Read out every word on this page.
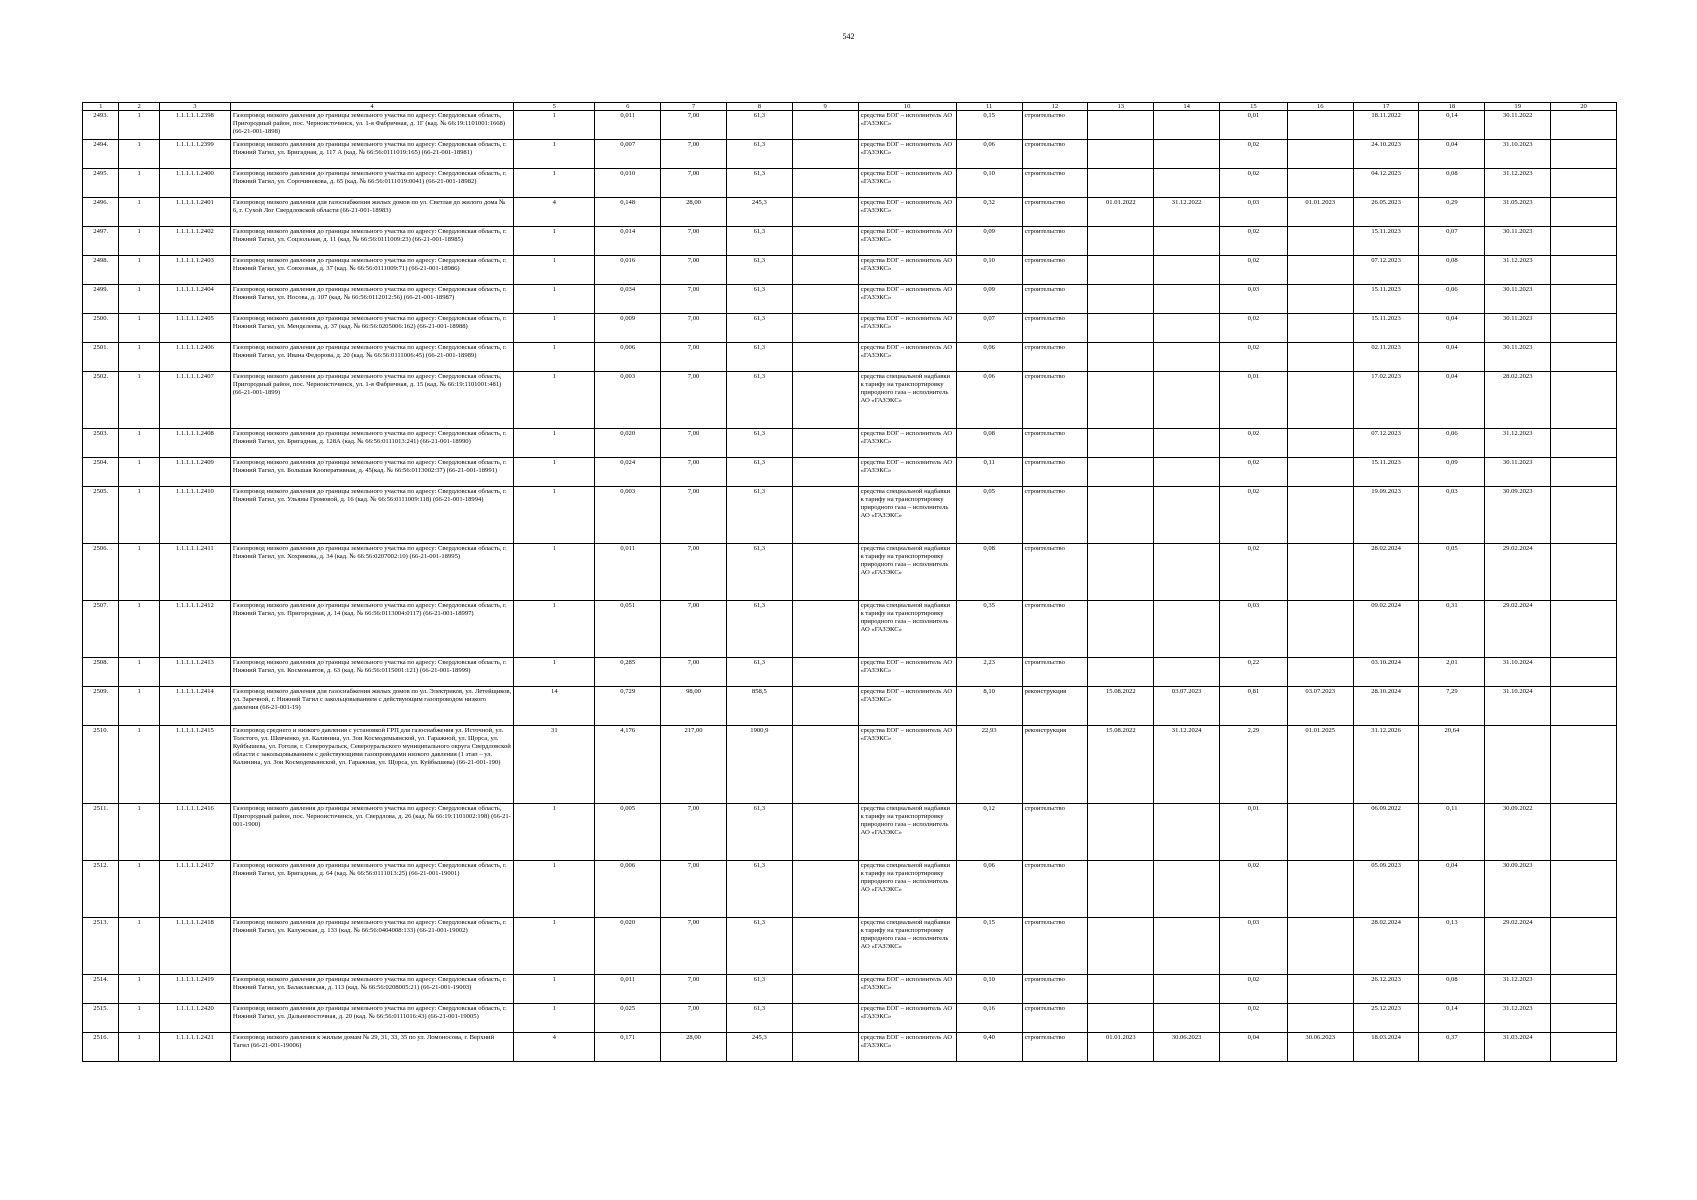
542
1	2	3	4	5	6	7	8	9	10	11	12	13	14	15	16	17	18	19	20
2493.	1	1.1.1.1.1.2398	Газопровод низкого давления до границы земельного участка по адресу: Свердловская область, Пригородный район, пос. Черноисточинск, ул. 1-я Фабричная, д. 1Г (кад. № 66:19:1101001:1668) (66-21-001-1898)	1	0,011	7,00	61,3		средства ЕОГ – исполнитель АО «ГАЗЭКС»	0,15	строительство			0,01		18.11.2022	0,14	30.11.2022	
2494.	1	1.1.1.1.1.2399	Газопровод низкого давления до границы земельного участка по адресу: Свердловская область, г. Нижний Тагил, ул. Бригадная, д. 117 А (кад. № 66:56:0111019:165) (66-21-001-18981)	1	0,007	7,00	61,3		средства ЕОГ – исполнитель АО «ГАЗЭКС»	0,06	строительство			0,02		24.10.2023	0,04	31.10.2023	
2495.	1	1.1.1.1.1.2400	Газопровод низкого давления до границы земельного участка по адресу: Свердловская область, г. Нижний Тагил, ул. Сорочинекова, д. 65 (кад. № 66:56:0111019:0041) (66-21-001-18982)	1	0,010	7,00	61,3		средства ЕОГ – исполнитель АО «ГАЗЭКС»	0,10	строительство			0,02		04.12.2023	0,08	31.12.2023	
2496.	1	1.1.1.1.1.2401	Газопровод низкого давления для газоснабжения жилых домов по ул. Светлая до жилого дома № 6, г. Сухой Лог Свердловской области (66-21-001-18983)	4	0,148	28,00	245,3		средства ЕОГ – исполнитель АО «ГАЗЭКС»	0,32	строительство	01.01.2022	31.12.2022	0,03	01.01.2023	26.05.2023	0,29	31.05.2023	
2497.	1	1.1.1.1.1.2402	Газопровод низкого давления до границы земельного участка по адресу: Свердловская область, г. Нижний Тагил, ул. Соцзольная, д. 11 (кад. № 66:56:0111009:23) (66-21-001-18985)	1	0,014	7,00	61,3		средства ЕОГ – исполнитель АО «ГАЗЭКС»	0,09	строительство			0,02		15.11.2023	0,07	30.11.2023	
2498.	1	1.1.1.1.1.2403	Газопровод низкого давления до границы земельного участка по адресу: Свердловская область, г. Нижний Тагил, ул. Совхозная, д. 37 (кад. № 66:56:0111009:71) (66-21-001-18986)	1	0,016	7,00	61,3		средства ЕОГ – исполнитель АО «ГАЗЭКС»	0,10	строительство			0,02		07.12.2023	0,08	31.12.2023	
2499.	1	1.1.1.1.1.2404	Газопровод низкого давления до границы земельного участка по адресу: Свердловская область, г. Нижний Тагил, ул. Носова, д. 107 (кад. № 66:56:0112012:56) (66-21-001-18987)	1	0,034	7,00	61,3		средства ЕОГ – исполнитель АО «ГАЗЭКС»	0,09	строительство			0,03		15.11.2023	0,06	30.11.2023	
2500.	1	1.1.1.1.1.2405	Газопровод низкого давления до границы земельного участка по адресу: Свердловская область, г. Нижний Тагил, ул. Менделеева, д. 37 (кад. № 66:56:0205006:162) (66-21-001-18988)	1	0,009	7,00	61,3		средства ЕОГ – исполнитель АО «ГАЗЭКС»	0,07	строительство			0,02		15.11.2023	0,04	30.11.2023	
2501.	1	1.1.1.1.1.2406	Газопровод низкого давления до границы земельного участка по адресу: Свердловская область, г. Нижний Тагил, ул. Ивана Федорова, д. 20 (кад. № 66:56:0111006:45) (66-21-001-18989)	1	0,006	7,00	61,3		средства ЕОГ – исполнитель АО «ГАЗЭКС»	0,06	строительство			0,02		02.11.2023	0,04	30.11.2023	
2502.	1	1.1.1.1.1.2407	Газопровод низкого давления до границы земельного участка по адресу: Свердловская область, Пригородный район, пос. Черноисточинск, ул. 1-я Фабричная, д. 15 (кад. № 66:19:1101001:481) (66-21-001-1899)	1	0,003	7,00	61,3		средства специальной надбавки к тарифу на транспортировку природного газа – исполнитель АО «ГАЗЭКС»	0,06	строительство			0,01		17.02.2023	0,04	28.02.2023	
2503.	1	1.1.1.1.1.2408	Газопровод низкого давления до границы земельного участка по адресу: Свердловская область, г. Нижний Тагил, ул. Бригадная, д. 128А (кад. № 66:56:0111013:241) (66-21-001-18990)	1	0,020	7,00	61,3		средства ЕОГ – исполнитель АО «ГАЗЭКС»	0,08	строительство			0,02		07.12.2023	0,06	31.12.2023	
2504.	1	1.1.1.1.1.2409	Газопровод низкого давления до границы земельного участка по адресу: Свердловская область, г. Нижний Тагил, ул. Большая Кооперативная, д. 45(кад. № 66:56:0113002:37) (66-21-001-18991)	1	0,024	7,00	61,3		средства ЕОГ – исполнитель АО «ГАЗЭКС»	0,11	строительство			0,02		15.11.2023	0,09	30.11.2023	
2505.	1	1.1.1.1.1.2410	Газопровод низкого давления до границы земельного участка по адресу: Свердловская область, г. Нижний Тагил, ул. Ульяны Громовой, д. 16 (кад. № 66:56:0111009:118) (66-21-001-18994)	1	0,003	7,00	61,3		средства специальной надбавки к тарифу на транспортировку природного газа – исполнитель АО «ГАЗЭКС»	0,05	строительство			0,02		19.09.2023	0,03	30.09.2023	
2506.	1	1.1.1.1.1.2411	Газопровод низкого давления до границы земельного участка по адресу: Свердловская область, г. Нижний Тагил, ул. Хохрякова, д. 34 (кад. № 66:56:0207002:10) (66-21-001-18995)	1	0,011	7,00	61,3		средства специальной надбавки к тарифу на транспортировку природного газа – исполнитель АО «ГАЗЭКС»	0,08	строительство			0,02		28.02.2024	0,05	29.02.2024	
2507.	1	1.1.1.1.1.2412	Газопровод низкого давления до границы земельного участка по адресу: Свердловская область, г. Нижний Тагил, ул. Пригородная, д. 14 (кад. № 66:56:0113004:0117) (66-21-001-18997)	1	0,051	7,00	61,3		средства специальной надбавки к тарифу на транспортировку природного газа – исполнитель АО «ГАЗЭКС»	0,35	строительство			0,03		09.02.2024	0,31	29.02.2024	
2508.	1	1.1.1.1.1.2413	Газопровод низкого давления до границы земельного участка по адресу: Свердловская область, г. Нижний Тагил, ул. Космонавтов, д. 63 (кад. № 66:56:0115001:121) (66-21-001-18999)	1	0,285	7,00	61,3		средства ЕОГ – исполнитель АО «ГАЗЭКС»	2,23	строительство			0,22		03.10.2024	2,01	31.10.2024	
2509.	1	1.1.1.1.1.2414	Газопровод низкого давления для газоснабжения жилых домов по ул. Электриков, ул. Летейщиков, ул. Заречной, г. Нижний Тагил с закольцовыванием с действующим газопроводом низкого давления (66-21-001-19)	14	0,729	98,00	858,5		средства ЕОГ – исполнитель АО «ГАЗЭКС»	8,10	реконструкция	15.08.2022	03.07.2023	0,81	03.07.2023	28.10.2024	7,29	31.10.2024	
2510.	1	1.1.1.1.1.2415	Газопровод среднего и низкого давления с установкой ГРП для газоснабжения ул. Источной, ул. Толстого, ул. Шевченко, ул. Калинина, ул. Зои Космодемьянской, ул. Гаражной, ул. Щорса, ул. Куйбышева, ул. Гоголя, г. Североуральск, Североуральского муниципального округа Свердловской области с закольцовыванием с действующими газопроводами низкого давления (1 этап – ул. Калинина, ул. Зои Космодемьянской, ул. Гаражная, ул. Щорса, ул. Куйбышева) (66-21-001-190)	31	4,176	217,00	1900,9		средства ЕОГ – исполнитель АО «ГАЗЭКС»	22,93	реконструкция	15.08.2022	31.12.2024	2,29	01.01.2025	31.12.2026	20,64		
2511.	1	1.1.1.1.1.2416	Газопровод низкого давления до границы земельного участка по адресу: Свердловская область, Пригородный район, пос. Черноисточинск, ул. Свердлова, д. 26 (кад. № 66:19:1101002:198) (66-21-001-1900)	1	0,005	7,00	61,3		средства специальной надбавки к тарифу на транспортировку природного газа – исполнитель АО «ГАЗЭКС»	0,12	строительство			0,01		06.09.2022	0,11	30.09.2022	
2512.	1	1.1.1.1.1.2417	Газопровод низкого давления до границы земельного участка по адресу: Свердловская область, г. Нижний Тагил, ул. Бригадная, д. 64 (кад. № 66:56:0111013:25) (66-21-001-19001)	1	0,006	7,00	61,3		средства специальной надбавки к тарифу на транспортировку природного газа – исполнитель АО «ГАЗЭКС»	0,06	строительство			0,02		05.09.2023	0,04	30.09.2023	
2513.	1	1.1.1.1.1.2418	Газопровод низкого давления до границы земельного участка по адресу: Свердловская область, г. Нижний Тагил, ул. Калужская, д. 133 (кад. № 66:56:0404008:133) (66-21-001-19002)	1	0,020	7,00	61,3		средства специальной надбавки к тарифу на транспортировку природного газа – исполнитель АО «ГАЗЭКС»	0,15	строительство			0,03		28.02.2024	0,13	29.02.2024	
2514.	1	1.1.1.1.1.2419	Газопровод низкого давления до границы земельного участка по адресу: Свердловская область, г. Нижний Тагил, ул. Балаклавская, д. 113 (кад. № 66:56:0208005:21) (66-21-001-19003)	1	0,011	7,00	61,3		средства ЕОГ – исполнитель АО «ГАЗЭКС»	0,10	строительство			0,02		26.12.2023	0,08	31.12.2023	
2515.	1	1.1.1.1.1.2420	Газопровод низкого давления до границы земельного участка по адресу: Свердловская область, г. Нижний Тагил, ул. Дальневосточная, д. 20 (кад. № 66:56:0111016:43) (66-21-001-19005)	1	0,025	7,00	61,3		средства ЕОГ – исполнитель АО «ГАЗЭКС»	0,16	строительство			0,02		25.12.2023	0,14	31.12.2023	
2516.	1	1.1.1.1.1.2421	Газопровод низкого давления к жилым домам № 29, 31, 33, 35 по ул. Ломоносова, г. Верхний Тагил (66-21-001-19006)	4	0,171	28,00	245,3		средства ЕОГ – исполнитель АО «ГАЗЭКС»	0,40	строительство	01.01.2023	30.06.2023	0,04	30.06.2023	18.03.2024	0,37	31.03.2024	
